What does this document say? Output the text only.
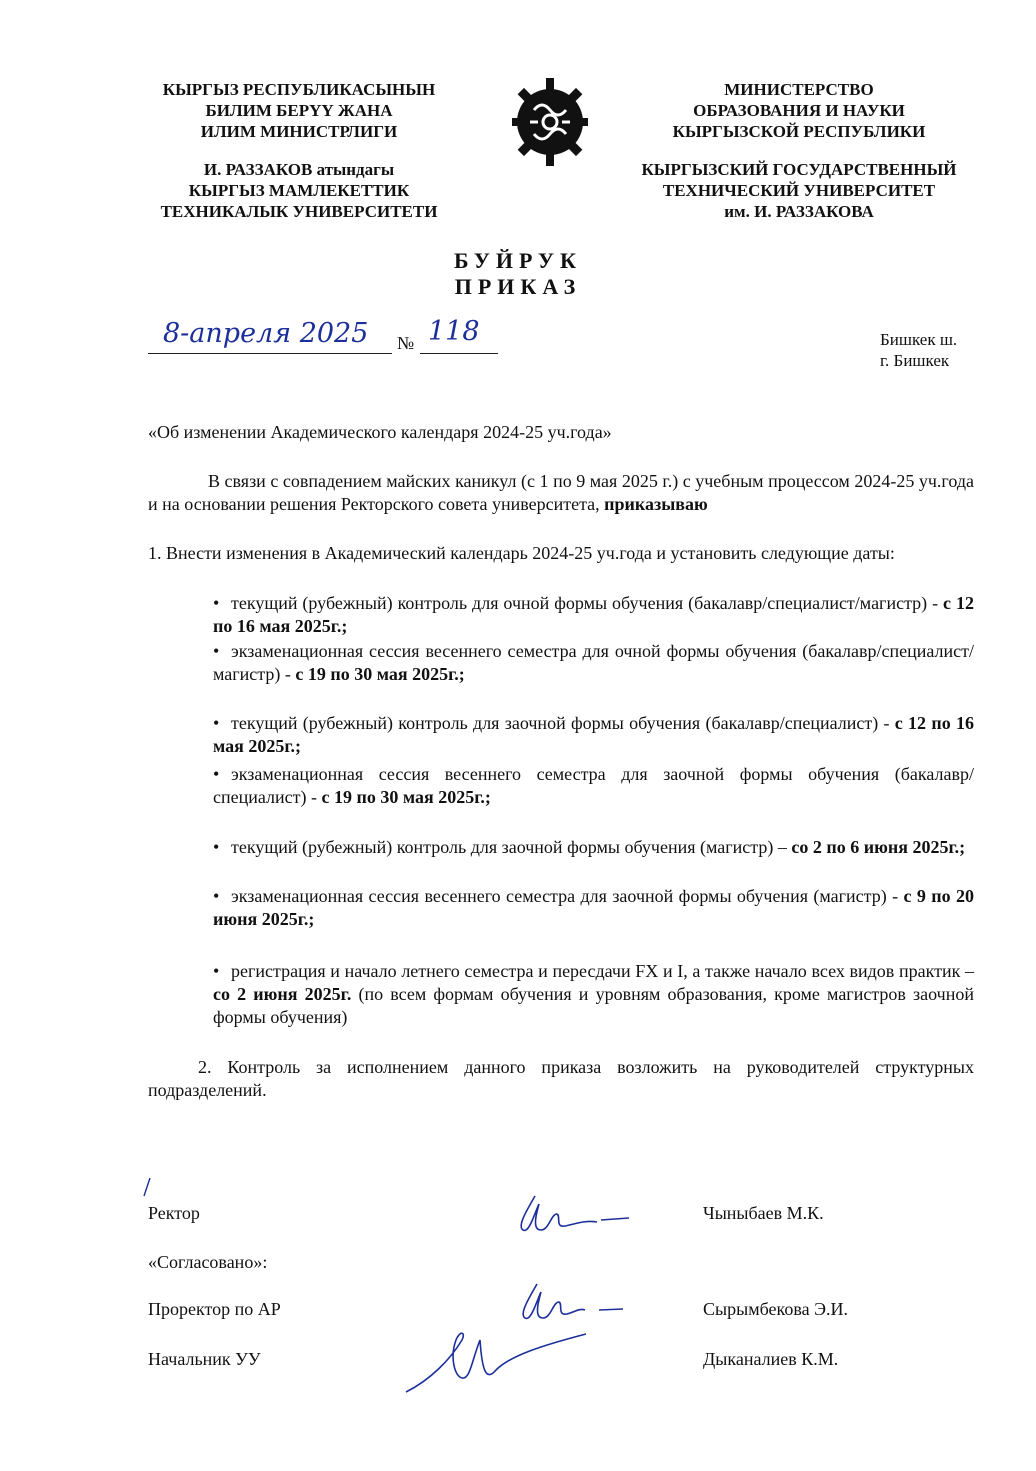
КЫРГЫЗ РЕСПУБЛИКАСЫНЫН
БИЛИМ БЕРҮҮ ЖАНА
ИЛИМ МИНИСТРЛИГИ
И. РАЗЗАКОВ атындагы
КЫРГЫЗ МАМЛЕКЕТТИК
ТЕХНИКАЛЫК УНИВЕРСИТЕТИ
МИНИСТЕРСТВО
ОБРАЗОВАНИЯ И НАУКИ
КЫРГЫЗСКОЙ РЕСПУБЛИКИ
КЫРГЫЗСКИЙ ГОСУДАРСТВЕННЫЙ
ТЕХНИЧЕСКИЙ УНИВЕРСИТЕТ
им. И. РАЗЗАКОВА
БУЙРУК
ПРИКАЗ
8-апреля 2025 № 118	Бишкек ш.
г. Бишкек
«Об изменении Академического календаря 2024-25 уч.года»
В связи с совпадением майских каникул (с 1 по 9 мая 2025 г.) с учебным процессом 2024-25 уч.года и на основании решения Ректорского совета университета, приказываю
1. Внести изменения в Академический календарь 2024-25 уч.года и установить следующие даты:
• текущий (рубежный) контроль для очной формы обучения (бакалавр/специалист/магистр) - с 12 по 16 мая 2025г.;
• экзаменационная сессия весеннего семестра для очной формы обучения (бакалавр/специалист/магистр) - с 19 по 30 мая 2025г.;
• текущий (рубежный) контроль для заочной формы обучения (бакалавр/специалист) - с 12 по 16 мая 2025г.;
• экзаменационная сессия весеннего семестра для заочной формы обучения (бакалавр/специалист) - с 19 по 30 мая 2025г.;
• текущий (рубежный) контроль для заочной формы обучения (магистр) – со 2 по 6 июня 2025г.;
• экзаменационная сессия весеннего семестра для заочной формы обучения (магистр) - с 9 по 20 июня 2025г.;
• регистрация и начало летнего семестра и пересдачи FX и I, а также начало всех видов практик – со 2 июня 2025г. (по всем формам обучения и уровням образования, кроме магистров заочной формы обучения)
2. Контроль за исполнением данного приказа возложить на руководителей структурных подразделений.
Ректор	Чыныбаев М.К.
«Согласовано»:
Проректор по АР	Сырымбекова Э.И.
Начальник УУ	Дыканалиев К.М.
